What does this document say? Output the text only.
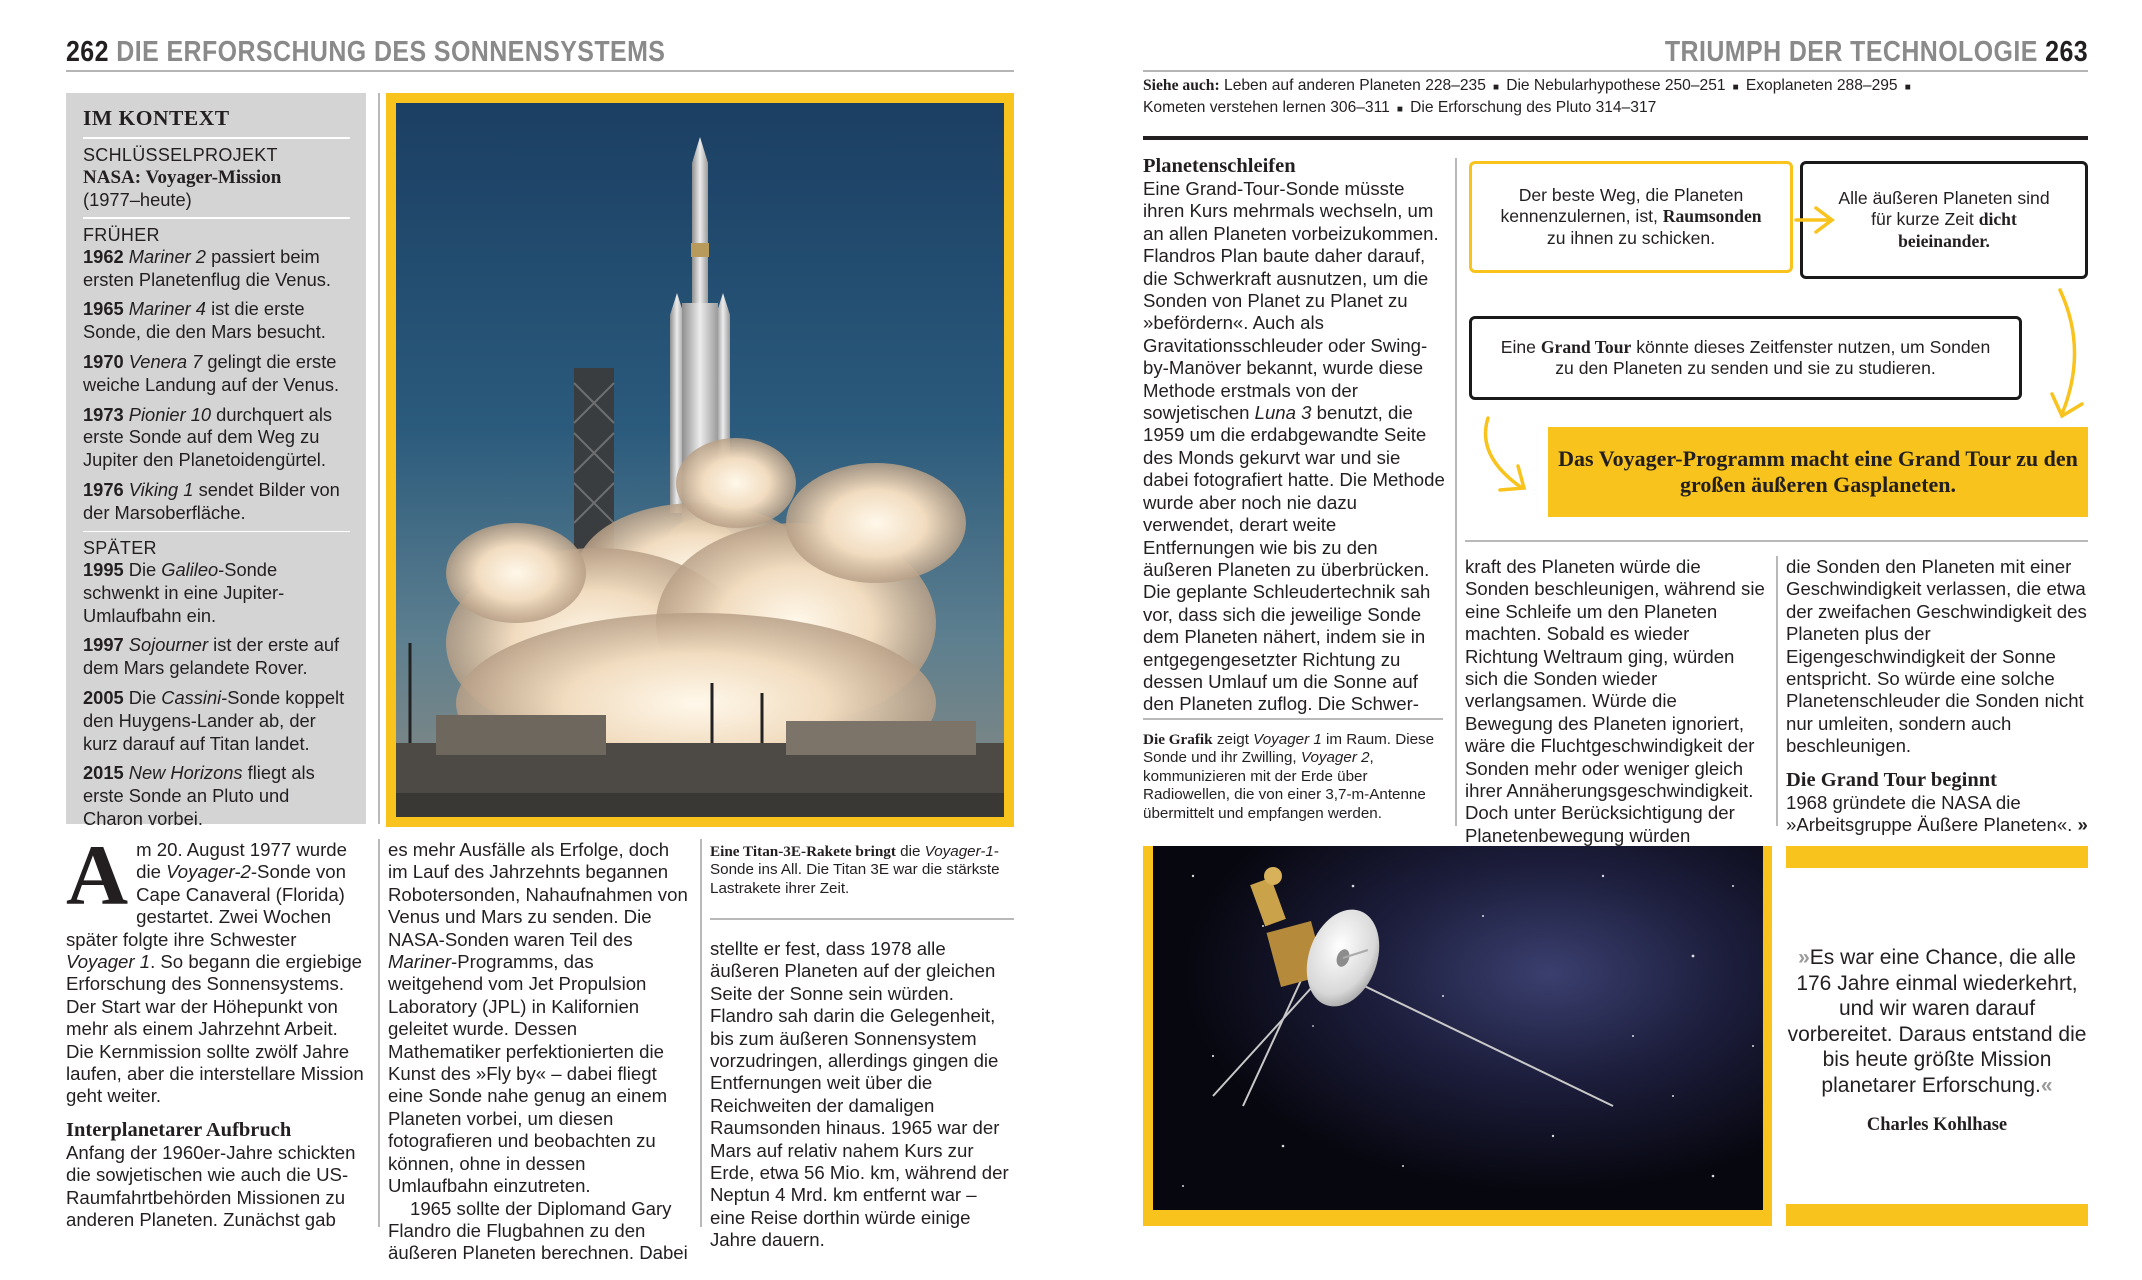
262 DIE ERFORSCHUNG DES SONNENSYSTEMS	TRIUMPH DER TECHNOLOGIE 263
IM KONTEXT
SCHLÜSSELPROJEKT
NASA: Voyager-Mission
(1977–heute)
FRÜHER
1962 Mariner 2 passiert beim ersten Planetenflug die Venus.
1965 Mariner 4 ist die erste Sonde, die den Mars besucht.
1970 Venera 7 gelingt die erste weiche Landung auf der Venus.
1973 Pionier 10 durchquert als erste Sonde auf dem Weg zu Jupiter den Planetoidengürtel.
1976 Viking 1 sendet Bilder von der Marsoberfläche.
SPÄTER
1995 Die Galileo-Sonde schwenkt in eine Jupiter-Umlaufbahn ein.
1997 Sojourner ist der erste auf dem Mars gelandete Rover.
2005 Die Cassini-Sonde koppelt den Huygens-Lander ab, der kurz darauf auf Titan landet.
2015 New Horizons fliegt als erste Sonde an Pluto und Charon vorbei.

Am 20. August 1977 wurde die Voyager-2-Sonde von Cape Canaveral (Florida) gestartet. Zwei Wochen später folgte ihre Schwester Voyager 1. So begann die ergiebige Erforschung des Sonnensystems. Der Start war der Höhepunkt von mehr als einem Jahrzehnt Arbeit. Die Kernmission sollte zwölf Jahre laufen, aber die interstellare Mission geht weiter.

Interplanetarer Aufbruch

Anfang der 1960er-Jahre schickten die sowjetischen wie auch die US-Raumfahrtbehörden Missionen zu anderen Planeten. Zunächst gab

es mehr Ausfälle als Erfolge, doch im Lauf des Jahrzehnts begannen Robotersonden, Nahaufnahmen von Venus und Mars zu senden. Die NASA-Sonden waren Teil des Mariner-Programms, das weitgehend vom Jet Propulsion Laboratory (JPL) in Kalifornien geleitet wurde. Dessen Mathematiker perfektionierten die Kunst des »Fly by« – dabei fliegt eine Sonde nahe genug an einem Planeten vorbei, um diesen fotografieren und beobachten zu können, ohne in dessen Umlaufbahn einzutreten.

1965 sollte der Diplomand Gary Flandro die Flugbahnen zu den äußeren Planeten berechnen. Dabei

Eine Titan-3E-Rakete bringt die Voyager-1-Sonde ins All. Die Titan 3E war die stärkste Lastrakete ihrer Zeit.

stellte er fest, dass 1978 alle äußeren Planeten auf der gleichen Seite der Sonne sein würden. Flandro sah darin die Gelegenheit, bis zum äußeren Sonnensystem vorzudringen, allerdings gingen die Entfernungen weit über die Reichweiten der damaligen Raumsonden hinaus. 1965 war der Mars auf relativ nahem Kurs zur Erde, etwa 56 Mio. km, während der Neptun 4 Mrd. km entfernt war – eine Reise dorthin würde einige Jahre dauern.

Siehe auch: Leben auf anderen Planeten 228–235  ■  Die Nebularhypothese 250–251  ■  Exoplaneten 288–295  ■
Kometen verstehen lernen 306–311  ■  Die Erforschung des Pluto 314–317
Planetenschleifen

Eine Grand-Tour-Sonde müsste ihren Kurs mehrmals wechseln, um an allen Planeten vorbeizukommen. Flandros Plan baute daher darauf, die Schwerkraft ausnutzen, um die Sonden von Planet zu Planet zu »befördern«. Auch als Gravitationsschleuder oder Swing-by-Manöver bekannt, wurde diese Methode erstmals von der sowjetischen Luna 3 benutzt, die 1959 um die erdabgewandte Seite des Monds gekurvt war und sie dabei fotografiert hatte. Die Methode wurde aber noch nie dazu verwendet, derart weite Entfernungen wie bis zu den äußeren Planeten zu überbrücken. Die geplante Schleudertechnik sah vor, dass sich die jeweilige Sonde dem Planeten nähert, indem sie in entgegengesetzter Richtung zu dessen Umlauf um die Sonne auf den Planeten zuflog. Die Schwer-

Die Grafik zeigt Voyager 1 im Raum. Diese Sonde und ihr Zwilling, Voyager 2, kommunizieren mit der Erde über Radiowellen, die von einer 3,7-m-Antenne übermittelt und empfangen werden.
Der beste Weg, die Planeten kennenzulernen, ist, Raumsonden zu ihnen zu schicken.
Alle äußeren Planeten sind für kurze Zeit dicht beieinander.
Eine Grand Tour könnte dieses Zeitfenster nutzen, um Sonden zu den Planeten zu senden und sie zu studieren.
Das Voyager-Programm macht eine Grand Tour zu den großen äußeren Gasplaneten.

kraft des Planeten würde die Sonden beschleunigen, während sie eine Schleife um den Planeten machten. Sobald es wieder Richtung Weltraum ging, würden sich die Sonden wieder verlangsamen. Würde die Bewegung des Planeten ignoriert, wäre die Fluchtgeschwindigkeit der Sonden mehr oder weniger gleich ihrer Annäherungsgeschwindigkeit. Doch unter Berücksichtigung der Planetenbewegung würden

die Sonden den Planeten mit einer Geschwindigkeit verlassen, die etwa der zweifachen Geschwindigkeit des Planeten plus der Eigengeschwindigkeit der Sonne entspricht. So würde eine solche Planetenschleuder die Sonden nicht nur umleiten, sondern auch beschleunigen.

Die Grand Tour beginnt

1968 gründete die NASA die »Arbeitsgruppe Äußere Planeten«. »

»Es war eine Chance, die alle 176 Jahre einmal wiederkehrt, und wir waren darauf vorbereitet. Daraus entstand die bis heute größte Mission planetarer Erforschung.«
Charles Kohlhase
